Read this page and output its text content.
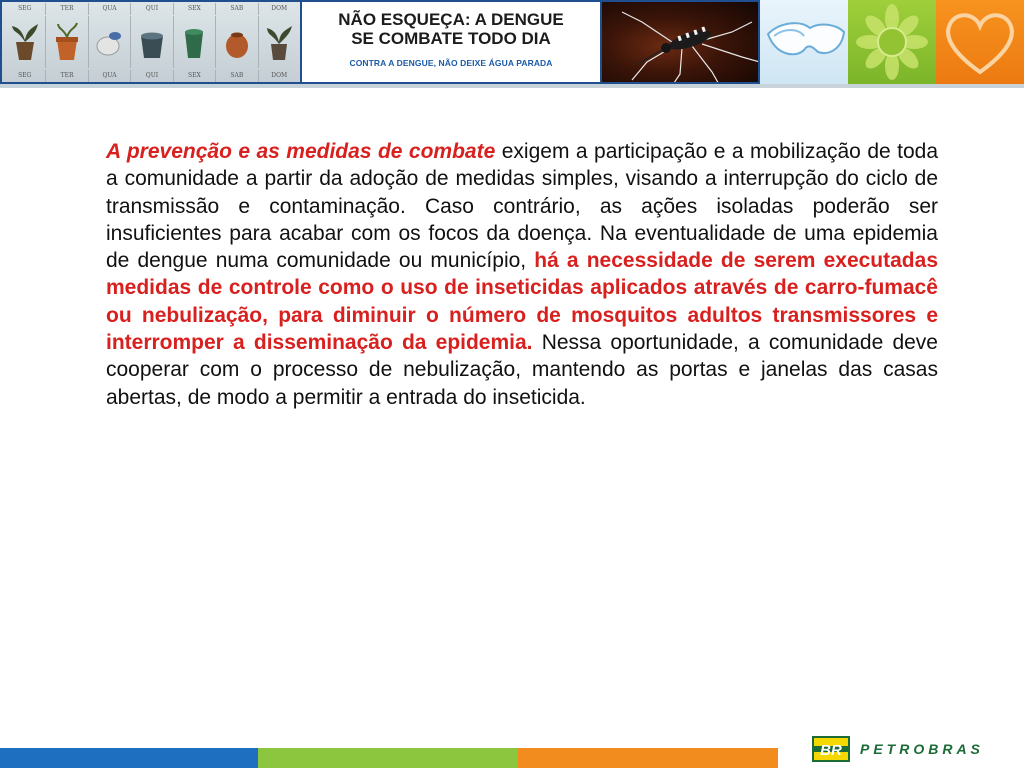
SEG	TER	QUA	QUI	SEX	SAB	DOM
SEG	TER	QUA	QUI	SEX	SAB	DOM
NÃO ESQUEÇA: A DENGUE
SE COMBATE TODO DIA
CONTRA A DENGUE, NÃO DEIXE ÁGUA PARADA

A prevenção e as medidas de combate exigem a participação e a mobilização de toda a comunidade a partir da adoção de medidas simples, visando a interrupção do ciclo de transmissão e contaminação. Caso contrário, as ações isoladas poderão ser insuficientes para acabar com os focos da doença. Na eventualidade de uma epidemia de dengue numa comunidade ou município, há a necessidade de serem executadas medidas de controle como o uso de inseticidas aplicados através de carro-fumacê ou nebulização, para diminuir o número de mosquitos adultos transmissores e interromper a disseminação da epidemia. Nessa oportunidade, a comunidade deve cooperar com o processo de nebulização, mantendo as portas e janelas das casas abertas, de modo a permitir a entrada do inseticida.

BR PETROBRAS
